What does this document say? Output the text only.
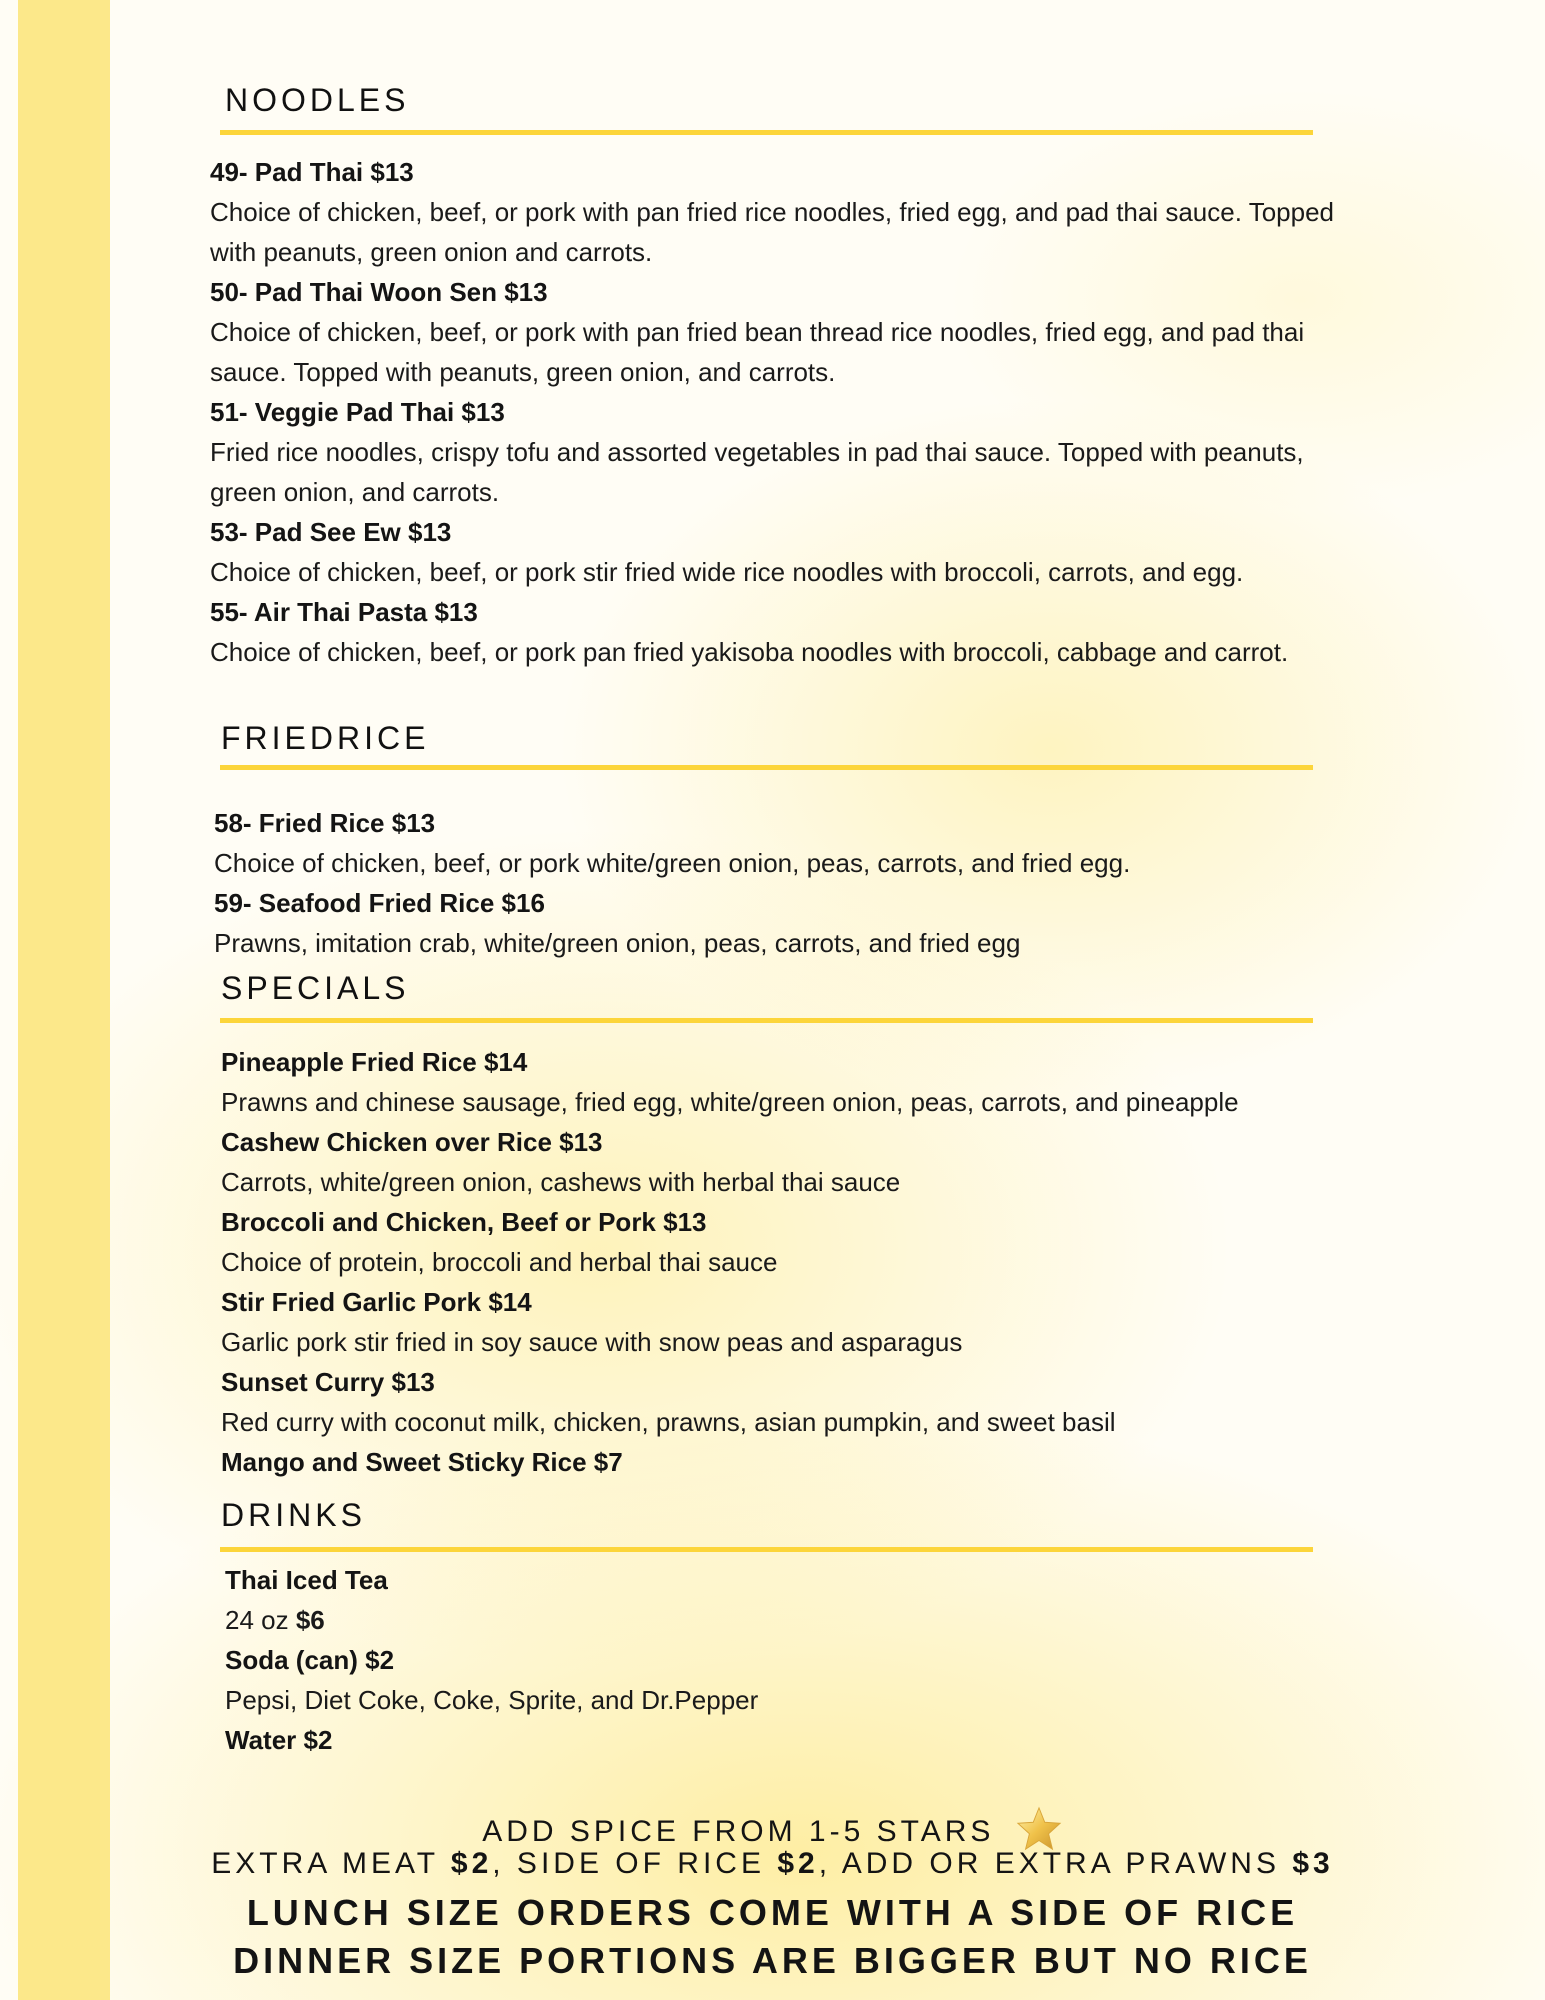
NOODLES
49- Pad Thai $13
Choice of chicken, beef, or pork with pan fried rice noodles, fried egg, and pad thai sauce. Topped with peanuts, green onion and carrots.
50- Pad Thai Woon Sen $13
Choice of chicken, beef, or pork with pan fried bean thread rice noodles, fried egg, and pad thai sauce. Topped with peanuts, green onion, and carrots.
51- Veggie Pad Thai $13
Fried rice noodles, crispy tofu and assorted vegetables in pad thai sauce. Topped with peanuts, green onion, and carrots.
53- Pad See Ew $13
Choice of chicken, beef, or pork stir fried wide rice noodles with broccoli, carrots, and egg.
55- Air Thai Pasta $13
Choice of chicken, beef, or pork pan fried yakisoba noodles with broccoli, cabbage and carrot.
FRIEDRICE
58- Fried Rice $13
Choice of chicken, beef, or pork white/green onion, peas, carrots, and fried egg.
59- Seafood Fried Rice $16
Prawns, imitation crab, white/green onion, peas, carrots, and fried egg
SPECIALS
Pineapple Fried Rice $14
Prawns and chinese sausage, fried egg, white/green onion, peas, carrots, and pineapple
Cashew Chicken over Rice $13
Carrots, white/green onion, cashews with herbal thai sauce
Broccoli and Chicken, Beef or Pork $13
Choice of protein, broccoli and herbal thai sauce
Stir Fried Garlic Pork $14
Garlic pork stir fried in soy sauce with snow peas and asparagus
Sunset Curry $13
Red curry with coconut milk, chicken, prawns, asian pumpkin, and sweet basil
Mango and Sweet Sticky Rice $7
DRINKS
Thai Iced Tea
24 oz $6
Soda (can) $2
Pepsi, Diet Coke, Coke, Sprite, and Dr.Pepper
Water $2
ADD SPICE FROM 1-5 STARS
EXTRA MEAT $2, SIDE OF RICE $2, ADD OR EXTRA PRAWNS $3
LUNCH SIZE ORDERS COME WITH A SIDE OF RICE
DINNER SIZE PORTIONS ARE BIGGER BUT NO RICE
